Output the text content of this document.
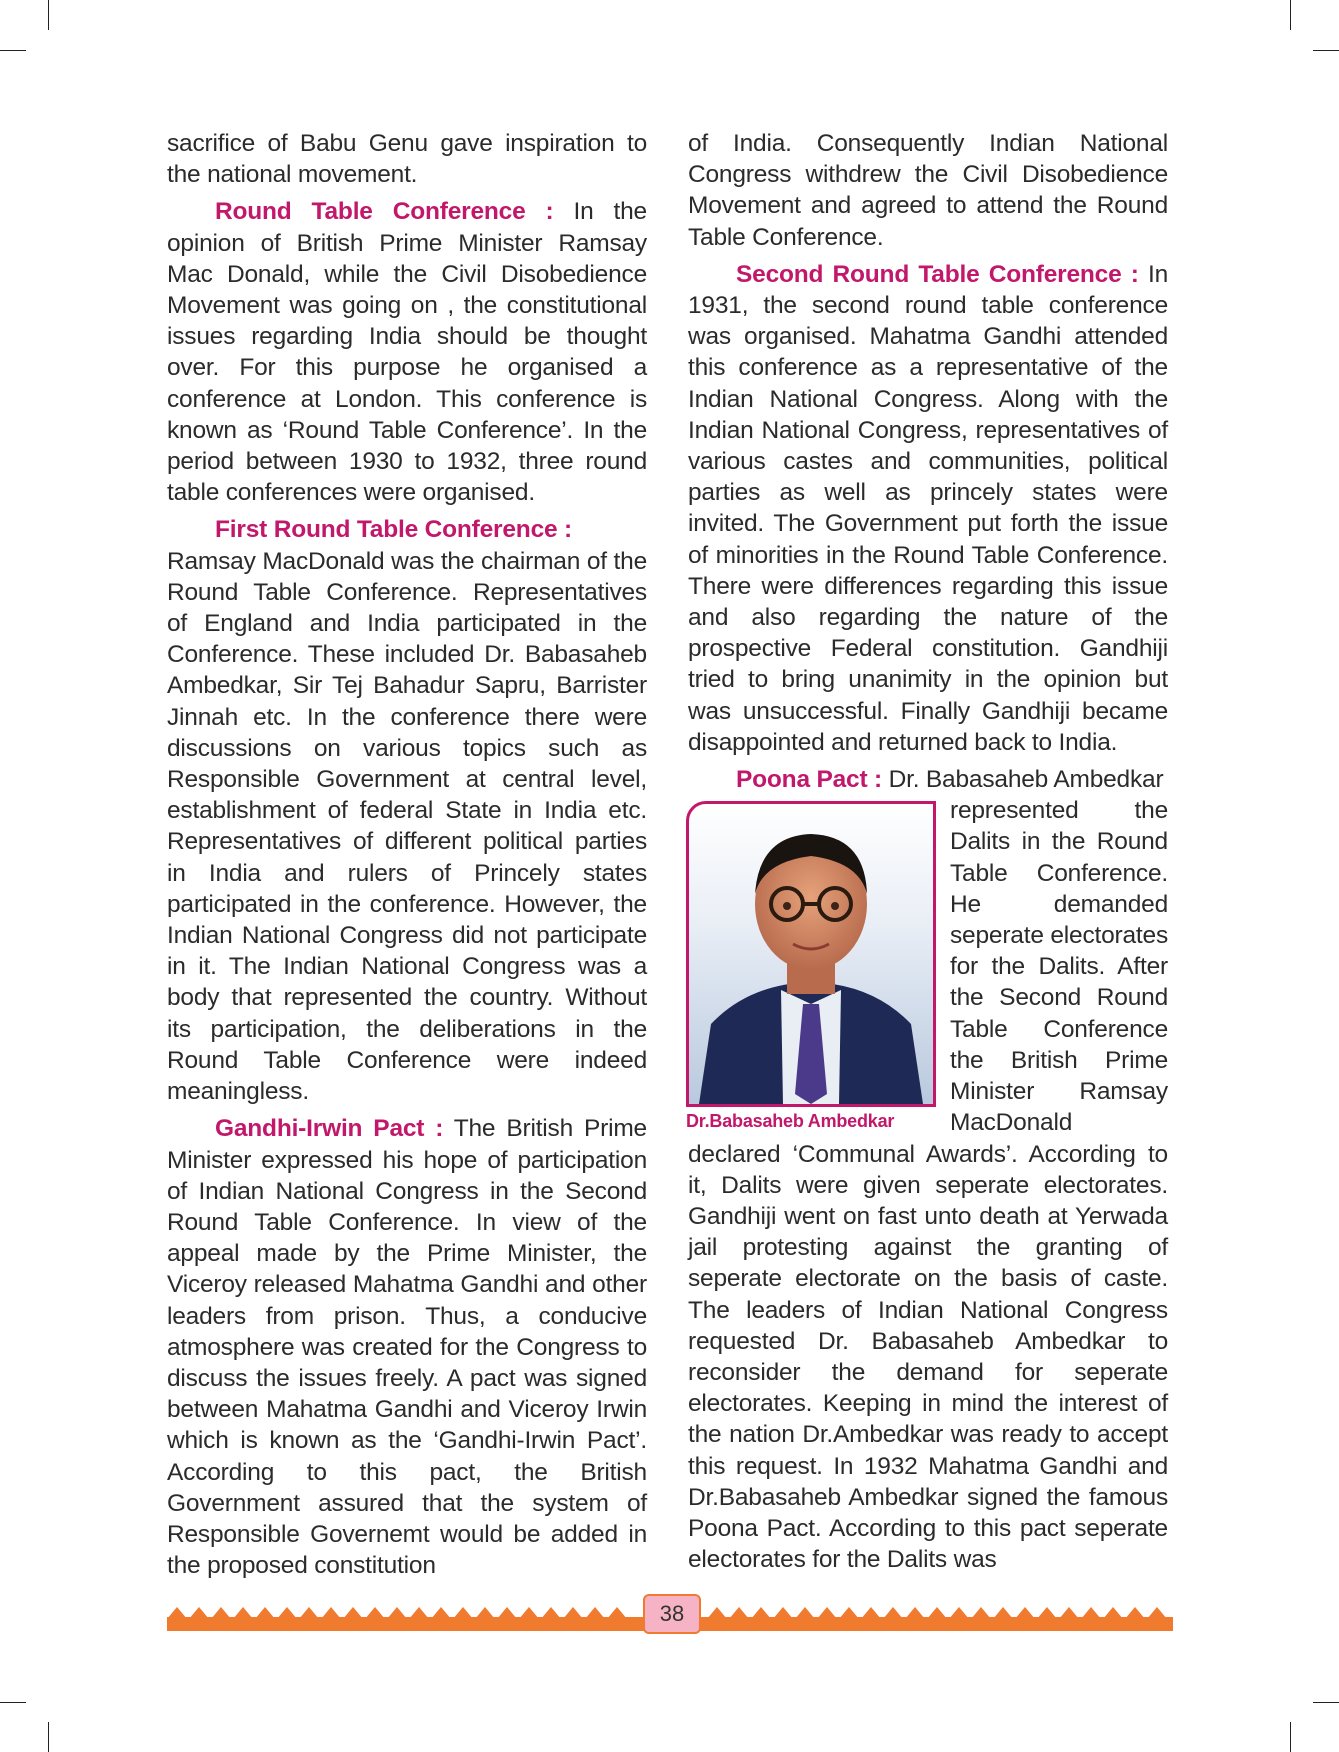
sacrifice of Babu Genu gave inspiration to the national movement.

Round Table Conference : In the opinion of British Prime Minister Ramsay Mac Donald, while the Civil Disobedience Movement was going on , the constitutional issues regarding India should be thought over. For this purpose he organised a conference at London. This conference is known as ‘Round Table Conference’. In the period between 1930 to 1932, three round table conferences were organised.

First Round Table Conference :

Ramsay MacDonald was the chairman of the Round Table Conference. Representatives of England and India participated in the Conference. These included Dr. Babasaheb Ambedkar, Sir Tej Bahadur Sapru, Barrister Jinnah etc. In the conference there were discussions on various topics such as Responsible Government at central level, establishment of federal State in India etc. Representatives of different political parties in India and rulers of Princely states participated in the conference. However, the Indian National Congress did not participate in it. The Indian National Congress was a body that represented the country. Without its participation, the deliberations in the Round Table Conference were indeed meaningless.

Gandhi-Irwin Pact : The British Prime Minister expressed his hope of participation of Indian National Congress in the Second Round Table Conference. In view of the appeal made by the Prime Minister, the Viceroy released Mahatma Gandhi and other leaders from prison. Thus, a conducive atmosphere was created for the Congress to discuss the issues freely. A pact was signed between Mahatma Gandhi and Viceroy Irwin which is known as the ‘Gandhi-Irwin Pact’. According to this pact, the British Government assured that the system of Responsible Governemt would be added in the proposed constitution

of India. Consequently Indian National Congress withdrew the Civil Disobedience Movement and agreed to attend the Round Table Conference.

Second Round Table Conference : In 1931, the second round table conference was organised. Mahatma Gandhi attended this conference as a representative of the Indian National Congress. Along with the Indian National Congress, representatives of various castes and communities, political parties as well as princely states were invited. The Government put forth the issue of minorities in the Round Table Conference. There were differences regarding this issue and also regarding the nature of the prospective Federal constitution. Gandhiji tried to bring unanimity in the opinion but was unsuccessful. Finally Gandhiji became disappointed and returned back to India.

Poona Pact : Dr. Babasaheb Ambedkar

Dr.Babasaheb Ambedkar

represented the Dalits in the Round Table Conference. He demanded seperate electorates for the Dalits. After the Second Round Table Conference the British Prime Minister Ramsay MacDonald declared ‘Communal Awards’. According to it, Dalits were given seperate electorates. Gandhiji went on fast unto death at Yerwada jail protesting against the granting of seperate electorate on the basis of caste. The leaders of Indian National Congress requested Dr. Babasaheb Ambedkar to reconsider the demand for seperate electorates. Keeping in mind the interest of the nation Dr.Ambedkar was ready to accept this request. In 1932 Mahatma Gandhi and Dr.Babasaheb Ambedkar signed the famous Poona Pact. According to this pact seperate electorates for the Dalits was

38
